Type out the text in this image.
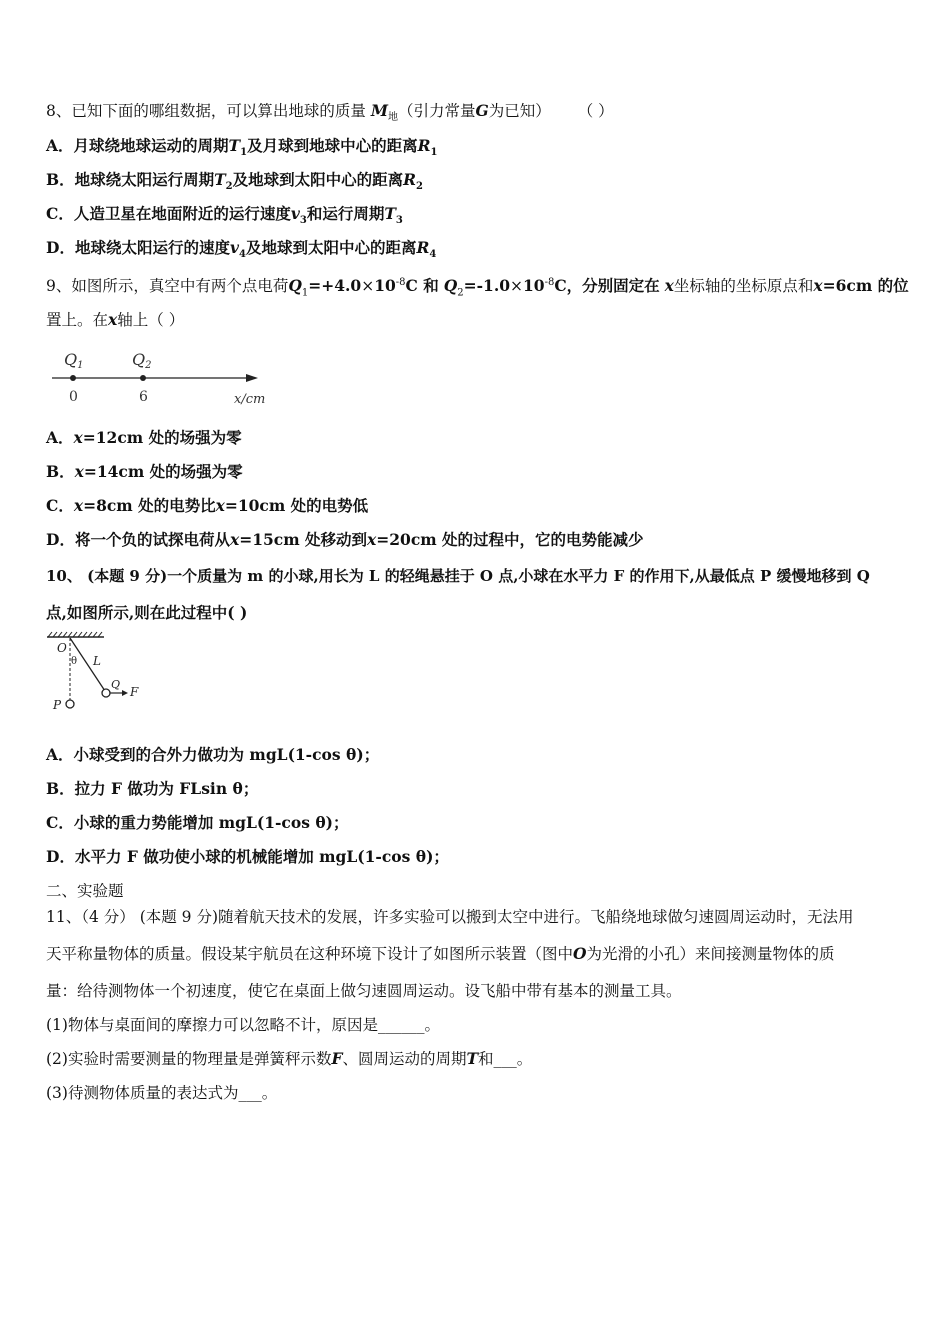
8、已知下面的哪组数据，可以算出地球的质量 $M_地$（引力常量G为已知） （ ）
A．月球绕地球运动的周期$T_1$及月球到地球中心的距离$R_1$
B．地球绕太阳运行周期$T_2$及地球到太阳中心的距离$R_2$
C．人造卫星在地面附近的运行速度$v_3$和运行周期$T_3$
D．地球绕太阳运行的速度$v_4$及地球到太阳中心的距离$R_4$
9、如图所示，真空中有两个点电荷$Q_1=+4.0\times 10^{-8}C$ 和 $Q_2=-1.0\times 10^{-8}C$，分别固定在 x坐标轴的坐标原点和x=6cm 的位
置上。在x轴上（ ）
Q1	Q2
0	6	x/cm
A．x=12cm 处的场强为零
B．x=14cm 处的场强为零
C．x=8cm 处的电势比x=10cm 处的电势低
D．将一个负的试探电荷从x=15cm 处移动到x=20cm 处的过程中，它的电势能减少
10、 (本题 9 分)一个质量为 m 的小球,用长为 L 的轻绳悬挂于 O 点,小球在水平力 F 的作用下,从最低点 P 缓慢地移到 Q
点,如图所示,则在此过程中( )
O
θ L
Q
F
P
A．小球受到的合外力做功为 mgL(1-cos θ)；
B．拉力 F 做功为 FLsin θ；
C．小球的重力势能增加 mgL(1-cos θ)；
D．水平力 F 做功使小球的机械能增加 mgL(1-cos θ)；
二、实验题
11、（4 分） (本题 9 分)随着航天技术的发展，许多实验可以搬到太空中进行。飞船绕地球做匀速圆周运动时，无法用
天平称量物体的质量。假设某宇航员在这种环境下设计了如图所示装置（图中O为光滑的小孔）来间接测量物体的质
量：给待测物体一个初速度，使它在桌面上做匀速圆周运动。设飞船中带有基本的测量工具。
(1)物体与桌面间的摩擦力可以忽略不计，原因是______。
(2)实验时需要测量的物理量是弹簧秤示数F、圆周运动的周期T和___。
(3)待测物体质量的表达式为___。
